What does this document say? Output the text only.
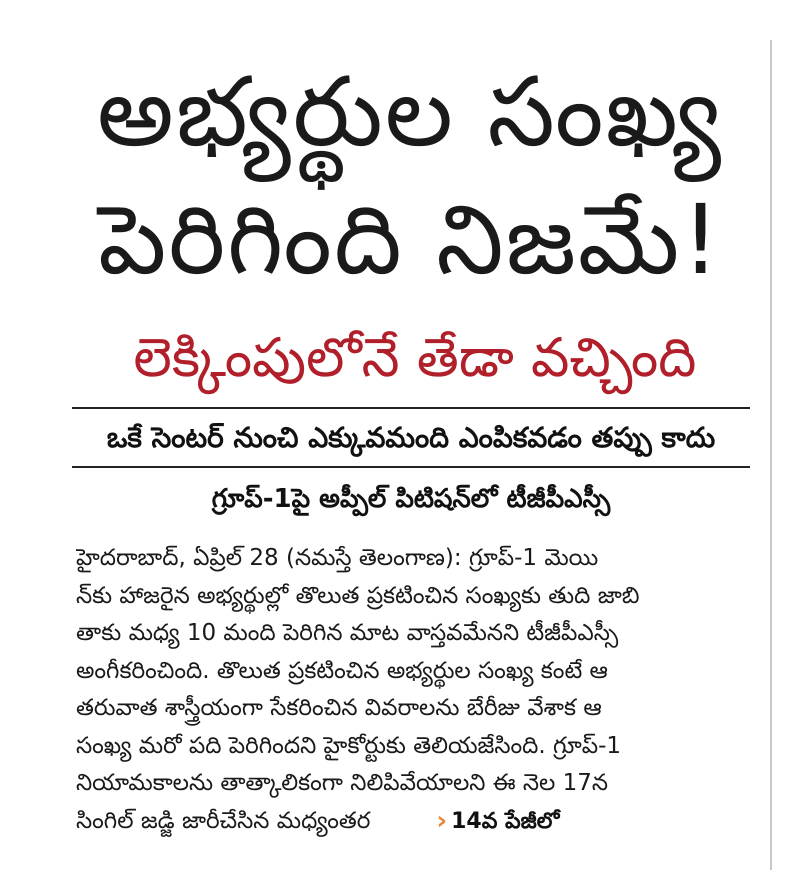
అభ్యర్థుల సంఖ్య
పెరిగింది నిజమే!
లెక్కింపులోనే తేడా వచ్చింది
ఒకే సెంటర్ నుంచి ఎక్కువమంది ఎంపికవడం తప్పు కాదు
గ్రూప్-1పై అప్పీల్ పిటిషన్‌లో టీజీపీఎస్సీ
హైదరాబాద్, ఏప్రిల్ 28 (నమస్తే తెలంగాణ): గ్రూప్-1 మెయి
న్‌కు హాజరైన అభ్యర్థుల్లో తొలుత ప్రకటించిన సంఖ్యకు తుది జాబి
తాకు మధ్య 10 మంది పెరిగిన మాట వాస్తవమేనని టీజీపీఎస్సీ
అంగీకరించింది. తొలుత ప్రకటించిన అభ్యర్థుల సంఖ్య కంటే ఆ
తరువాత శాస్త్రీయంగా సేకరించిన వివరాలను బేరీజు వేశాక ఆ
సంఖ్య మరో పది పెరిగిందని హైకోర్టుకు తెలియజేసింది. గ్రూప్-1
నియామకాలను తాత్కాలికంగా నిలిపివేయాలని ఈ నెల 17న
సింగిల్ జడ్జి జారీచేసిన మధ్యంతర	› 14వ పేజీలో
